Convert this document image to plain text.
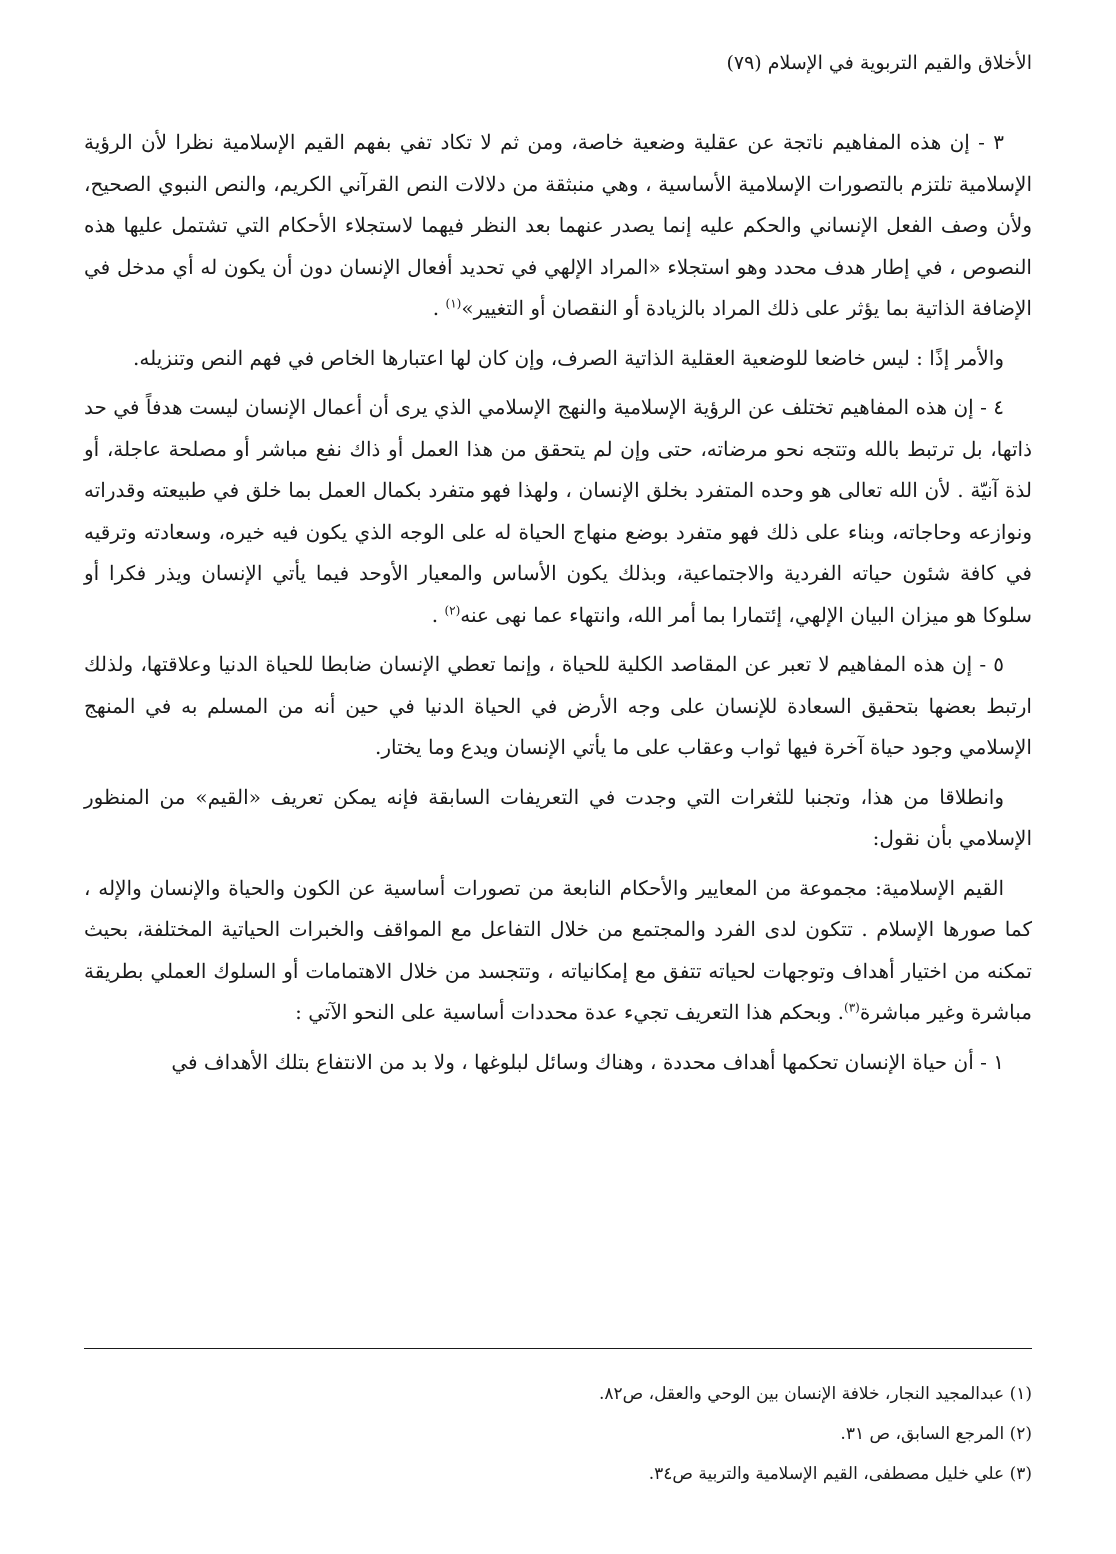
الأخلاق والقيم التربوية في الإسلام (٧٩)

٣ - إن هذه المفاهيم ناتجة عن عقلية وضعية خاصة، ومن ثم لا تكاد تفي بفهم القيم الإسلامية نظرا لأن الرؤية الإسلامية تلتزم بالتصورات الإسلامية الأساسية ، وهي منبثقة من دلالات النص القرآني الكريم، والنص النبوي الصحيح، ولأن وصف الفعل الإنساني والحكم عليه إنما يصدر عنهما بعد النظر فيهما لاستجلاء الأحكام التي تشتمل عليها هذه النصوص ، في إطار هدف محدد وهو استجلاء «المراد الإلهي في تحديد أفعال الإنسان دون أن يكون له أي مدخل في الإضافة الذاتية بما يؤثر على ذلك المراد بالزيادة أو النقصان أو التغيير»$^{(١)}$ .

والأمر إذًا : ليس خاضعا للوضعية العقلية الذاتية الصرف، وإن كان لها اعتبارها الخاص في فهم النص وتنزيله.

٤ - إن هذه المفاهيم تختلف عن الرؤية الإسلامية والنهج الإسلامي الذي يرى أن أعمال الإنسان ليست هدفاً في حد ذاتها، بل ترتبط بالله وتتجه نحو مرضاته، حتى وإن لم يتحقق من هذا العمل أو ذاك نفع مباشر أو مصلحة عاجلة، أو لذة آنيّة . لأن الله تعالى هو وحده المتفرد بخلق الإنسان ، ولهذا فهو متفرد بكمال العمل بما خلق في طبيعته وقدراته ونوازعه وحاجاته، وبناء على ذلك فهو متفرد بوضع منهاج الحياة له على الوجه الذي يكون فيه خيره، وسعادته وترقيه في كافة شئون حياته الفردية والاجتماعية، وبذلك يكون الأساس والمعيار الأوحد فيما يأتي الإنسان ويذر فكرا أو سلوكا هو ميزان البيان الإلهي، إئتمارا بما أمر الله، وانتهاء عما نهى عنه$^{(٢)}$ .

٥ - إن هذه المفاهيم لا تعبر عن المقاصد الكلية للحياة ، وإنما تعطي الإنسان ضابطا للحياة الدنيا وعلاقتها، ولذلك ارتبط بعضها بتحقيق السعادة للإنسان على وجه الأرض في الحياة الدنيا في حين أنه من المسلم به في المنهج الإسلامي وجود حياة آخرة فيها ثواب وعقاب على ما يأتي الإنسان ويدع وما يختار.

وانطلاقا من هذا، وتجنبا للثغرات التي وجدت في التعريفات السابقة فإنه يمكن تعريف «القيم» من المنظور الإسلامي بأن نقول:

القيم الإسلامية: مجموعة من المعايير والأحكام النابعة من تصورات أساسية عن الكون والحياة والإنسان والإله ، كما صورها الإسلام . تتكون لدى الفرد والمجتمع من خلال التفاعل مع المواقف والخبرات الحياتية المختلفة، بحيث تمكنه من اختيار أهداف وتوجهات لحياته تتفق مع إمكانياته ، وتتجسد من خلال الاهتمامات أو السلوك العملي بطريقة مباشرة وغير مباشرة$^{(٣)}$. وبحكم هذا التعريف تجيء عدة محددات أساسية على النحو الآتي :

١ - أن حياة الإنسان تحكمها أهداف محددة ، وهناك وسائل لبلوغها ، ولا بد من الانتفاع بتلك الأهداف في

(١) عبدالمجيد النجار، خلافة الإنسان بين الوحي والعقل، ص٨٢.
(٢) المرجع السابق، ص ٣١.
(٣) علي خليل مصطفى، القيم الإسلامية والتربية ص٣٤.
